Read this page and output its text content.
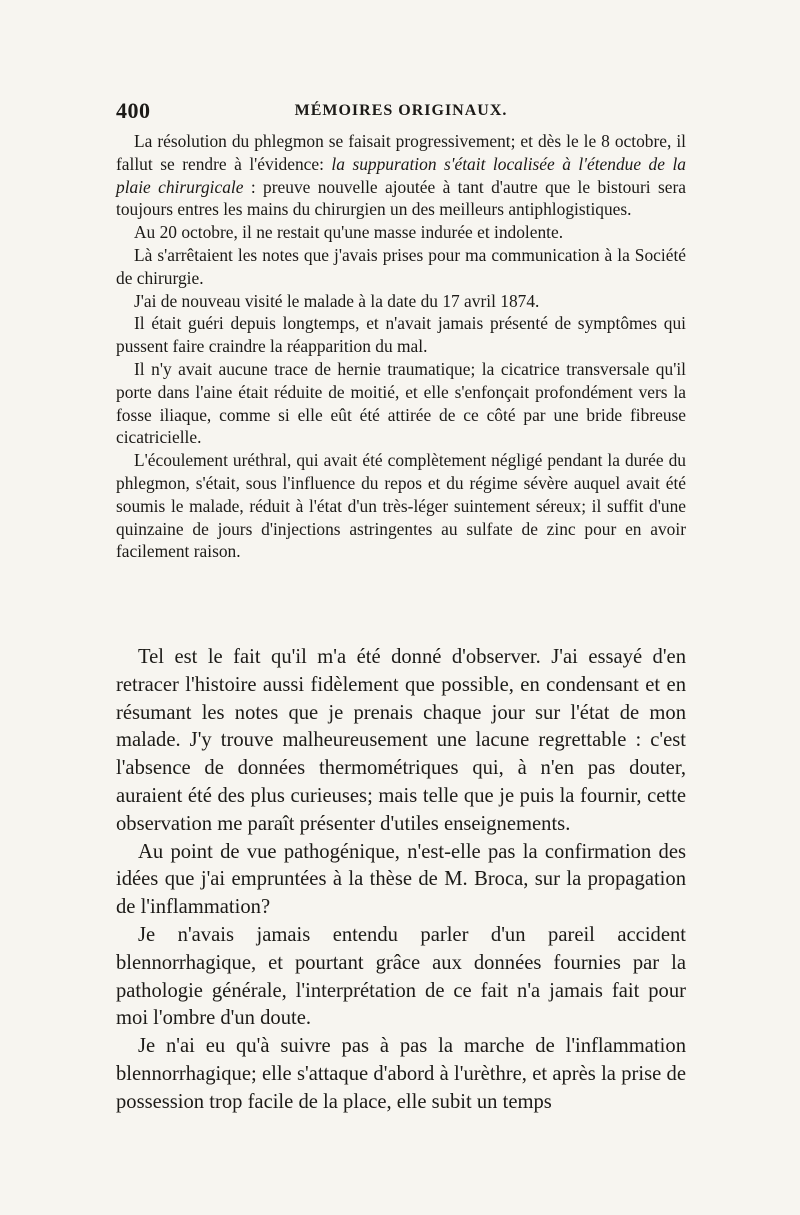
400	MÉMOIRES ORIGINAUX.

La résolution du phlegmon se faisait progressivement; et dès le le 8 octobre, il fallut se rendre à l'évidence: la suppuration s'était localisée à l'étendue de la plaie chirurgicale : preuve nouvelle ajoutée à tant d'autre que le bistouri sera toujours entres les mains du chirurgien un des meilleurs antiphlogistiques.

Au 20 octobre, il ne restait qu'une masse indurée et indolente.

Là s'arrêtaient les notes que j'avais prises pour ma communication à la Société de chirurgie.

J'ai de nouveau visité le malade à la date du 17 avril 1874.

Il était guéri depuis longtemps, et n'avait jamais présenté de symptômes qui pussent faire craindre la réapparition du mal.

Il n'y avait aucune trace de hernie traumatique; la cicatrice transversale qu'il porte dans l'aine était réduite de moitié, et elle s'enfonçait profondément vers la fosse iliaque, comme si elle eût été attirée de ce côté par une bride fibreuse cicatricielle.

L'écoulement uréthral, qui avait été complètement négligé pendant la durée du phlegmon, s'était, sous l'influence du repos et du régime sévère auquel avait été soumis le malade, réduit à l'état d'un très-léger suintement séreux; il suffit d'une quinzaine de jours d'injections astringentes au sulfate de zinc pour en avoir facilement raison.

Tel est le fait qu'il m'a été donné d'observer. J'ai essayé d'en retracer l'histoire aussi fidèlement que possible, en condensant et en résumant les notes que je prenais chaque jour sur l'état de mon malade. J'y trouve malheureusement une lacune regrettable : c'est l'absence de données thermométriques qui, à n'en pas douter, auraient été des plus curieuses; mais telle que je puis la fournir, cette observation me paraît présenter d'utiles enseignements.

Au point de vue pathogénique, n'est-elle pas la confirmation des idées que j'ai empruntées à la thèse de M. Broca, sur la propagation de l'inflammation?

Je n'avais jamais entendu parler d'un pareil accident blennorrhagique, et pourtant grâce aux données fournies par la pathologie générale, l'interprétation de ce fait n'a jamais fait pour moi l'ombre d'un doute.

Je n'ai eu qu'à suivre pas à pas la marche de l'inflammation blennorrhagique; elle s'attaque d'abord à l'urèthre, et après la prise de possession trop facile de la place, elle subit un temps
